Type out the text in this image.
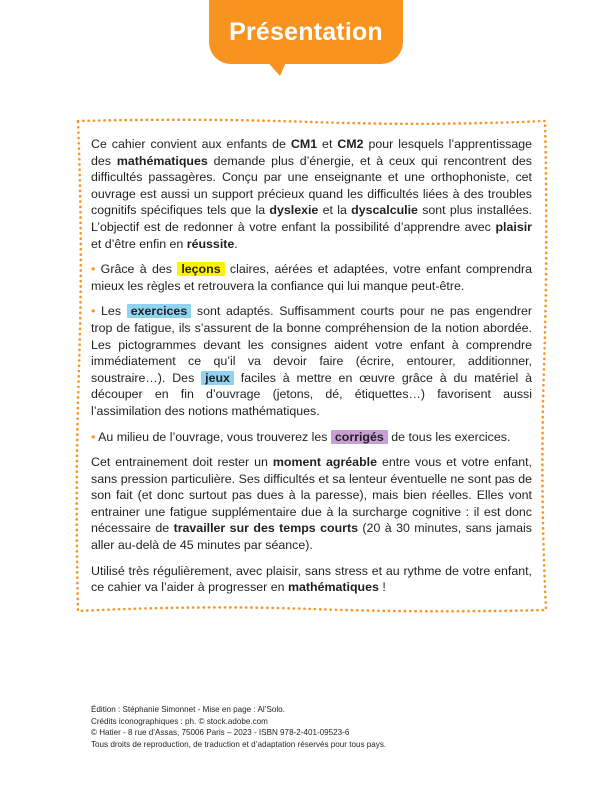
Présentation

Ce cahier convient aux enfants de CM1 et CM2 pour lesquels l’apprentissage des mathématiques demande plus d’énergie, et à ceux qui rencontrent des difficultés passagères. Conçu par une enseignante et une orthophoniste, cet ouvrage est aussi un support précieux quand les difficultés liées à des troubles cognitifs spécifiques tels que la dyslexie et la dyscalculie sont plus installées. L’objectif est de redonner à votre enfant la possibilité d’apprendre avec plaisir et d’être enfin en réussite.

• Grâce à des leçons claires, aérées et adaptées, votre enfant comprendra mieux les règles et retrouvera la confiance qui lui manque peut-être.

• Les exercices sont adaptés. Suffisamment courts pour ne pas engendrer trop de fatigue, ils s’assurent de la bonne compréhension de la notion abordée. Les pictogrammes devant les consignes aident votre enfant à comprendre immédiatement ce qu’il va devoir faire (écrire, entourer, additionner, soustraire…). Des jeux faciles à mettre en œuvre grâce à du matériel à découper en fin d’ouvrage (jetons, dé, étiquettes…) favorisent aussi l’assimilation des notions mathématiques.

• Au milieu de l’ouvrage, vous trouverez les corrigés de tous les exercices.

Cet entrainement doit rester un moment agréable entre vous et votre enfant, sans pression particulière. Ses difficultés et sa lenteur éventuelle ne sont pas de son fait (et donc surtout pas dues à la paresse), mais bien réelles. Elles vont entrainer une fatigue supplémentaire due à la surcharge cognitive : il est donc nécessaire de travailler sur des temps courts (20 à 30 minutes, sans jamais aller au-delà de 45 minutes par séance).

Utilisé très régulièrement, avec plaisir, sans stress et au rythme de votre enfant, ce cahier va l’aider à progresser en mathématiques !

Édition : Stéphanie Simonnet - Mise en page : Al’Solo.
Crédits iconographiques : ph. © stock.adobe.com
© Hatier - 8 rue d’Assas, 75006 Paris – 2023 - ISBN 978-2-401-09523-6
Tous droits de reproduction, de traduction et d’adaptation réservés pour tous pays.
